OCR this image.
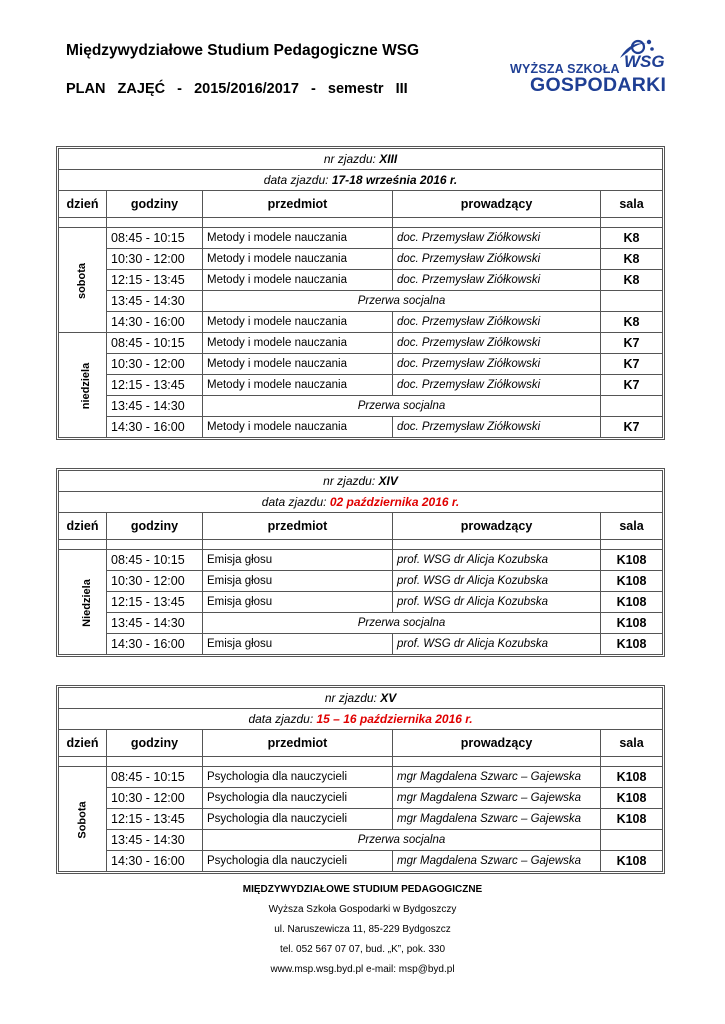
Międzywydziałowe Studium Pedagogiczne WSG
PLAN   ZAJĘĆ   -   2015/2016/2017   -   semestr   III
WYŻSZA SZKOŁA WSG
GOSPODARKI
nr zjazdu: XIII				
data zjazdu: 17-18 września 2016 r.				
dzień	godziny	przedmiot	prowadzący	sala

sobota	08:45 - 10:15	Metody i modele nauczania	doc. Przemysław Ziółkowski	K8
	10:30 - 12:00	Metody i modele nauczania	doc. Przemysław Ziółkowski	K8
	12:15 - 13:45	Metody i modele nauczania	doc. Przemysław Ziółkowski	K8
	13:45 - 14:30	Przerwa socjalna		
	14:30 - 16:00	Metody i modele nauczania	doc. Przemysław Ziółkowski	K8
niedziela	08:45 - 10:15	Metody i modele nauczania	doc. Przemysław Ziółkowski	K7
	10:30 - 12:00	Metody i modele nauczania	doc. Przemysław Ziółkowski	K7
	12:15 - 13:45	Metody i modele nauczania	doc. Przemysław Ziółkowski	K7
	13:45 - 14:30	Przerwa socjalna		
	14:30 - 16:00	Metody i modele nauczania	doc. Przemysław Ziółkowski	K7
nr zjazdu: XIV				
data zjazdu: 02 października 2016 r.				
dzień	godziny	przedmiot	prowadzący	sala

Niedziela	08:45 - 10:15	Emisja głosu	prof. WSG dr Alicja Kozubska	K108
	10:30 - 12:00	Emisja głosu	prof. WSG dr Alicja Kozubska	K108
	12:15 - 13:45	Emisja głosu	prof. WSG dr Alicja Kozubska	K108
	13:45 - 14:30	Przerwa socjalna		K108
	14:30 - 16:00	Emisja głosu	prof. WSG dr Alicja Kozubska	K108
nr zjazdu: XV				
data zjazdu: 15 – 16 października 2016 r.				
dzień	godziny	przedmiot	prowadzący	sala

Sobota	08:45 - 10:15	Psychologia dla nauczycieli	mgr Magdalena Szwarc – Gajewska	K108
	10:30 - 12:00	Psychologia dla nauczycieli	mgr Magdalena Szwarc – Gajewska	K108
	12:15 - 13:45	Psychologia dla nauczycieli	mgr Magdalena Szwarc – Gajewska	K108
	13:45 - 14:30	Przerwa socjalna		
	14:30 - 16:00	Psychologia dla nauczycieli	mgr Magdalena Szwarc – Gajewska	K108
MIĘDZYWYDZIAŁOWE STUDIUM PEDAGOGICZNE
Wyższa Szkoła Gospodarki w Bydgoszczy
ul. Naruszewicza 11, 85-229 Bydgoszcz
tel. 052 567 07 07, bud. „K”, pok. 330
www.msp.wsg.byd.pl e-mail: msp@byd.pl
